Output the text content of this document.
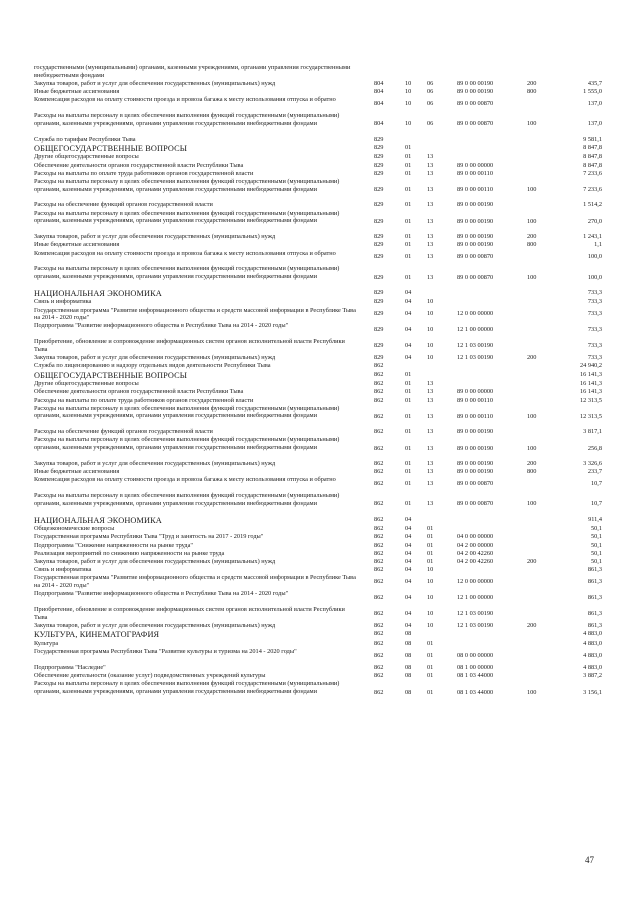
государственными (муниципальными) органами, казенными учреждениями, органами управления государственными внебюджетными фондами
Закупка товаров, работ и услуг для обеспечения государственных (муниципальных) нужд	804	10 06	89 0 00 00190	200	435,7
Иные бюджетные ассигнования	804	10 06	89 0 00 00190	800	1 555,0
Компенсация расходов на оплату стоимости проезда и провоза багажа к месту использования отпуска и обратно
804	10 06	89 0 00 00870	137,0
Расходы на выплаты персоналу в целях обеспечения выполнения функций государственными (муниципальными) органами, казенными учреждениями, органами управления государственными внебюджетными фондами	804	10 06	89 0 00 00870	100	137,0
Служба по тарифам Республики Тыва	829	9 581,1
ОБЩЕГОСУДАРСТВЕННЫЕ ВОПРОСЫ	829	01	8 847,8
Другие общегосударственные вопросы	829	01 13	8 847,8
Обеспечение деятельности органов государственной власти Республики Тыва	829	01 13	89 0 00 00000	8 847,8
Расходы на выплаты по оплате труда работников органов государственной власти	829	01 13	89 0 00 00110	7 233,6
Расходы на выплаты персоналу в целях обеспечения выполнения функций государственными (муниципальными) органами, казенными учреждениями, органами управления государственными внебюджетными фондами	829	01 13	89 0 00 00110	100	7 233,6
Расходы на обеспечение функций органов государственной власти	829	01 13	89 0 00 00190	1 514,2
Расходы на выплаты персоналу в целях обеспечения выполнения функций государственными (муниципальными) органами, казенными учреждениями, органами управления государственными внебюджетными фондами	829	01 13	89 0 00 00190	100	270,0
Закупка товаров, работ и услуг для обеспечения государственных (муниципальных) нужд	829	01 13	89 0 00 00190	200	1 243,1
Иные бюджетные ассигнования	829	01 13	89 0 00 00190	800	1,1
Компенсация расходов на оплату стоимости проезда и провоза багажа к месту использования отпуска и обратно
829	01 13	89 0 00 00870	100,0
Расходы на выплаты персоналу в целях обеспечения выполнения функций государственными (муниципальными) органами, казенными учреждениями, органами управления государственными внебюджетными фондами	829	01 13	89 0 00 00870	100	100,0
НАЦИОНАЛЬНАЯ ЭКОНОМИКА	829	04	733,3
Связь и информатика	829	04 10	733,3
Государственная программа "Развитие информационного общества и средств массовой информации в Республике Тыва на 2014 - 2020 годы"
829	04 10	12 0 00 00000	733,3
Подпрограмма "Развитие информационного общества в Республике Тыва на 2014 - 2020 годы"
829	04 10	12 1 00 00000	733,3
Приобретение, обновление и сопровождение информационных систем органов исполнительной власти Республики Тыва
829	04 10	12 1 03 00190	733,3
Закупка товаров, работ и услуг для обеспечения государственных (муниципальных) нужд	829	04 10	12 1 03 00190	200	733,3
Служба по лицензированию и надзору отдельных видов деятельности Республики Тыва	862	24 940,2
ОБЩЕГОСУДАРСТВЕННЫЕ ВОПРОСЫ	862	01	16 141,3
Другие общегосударственные вопросы	862	01 13	16 141,3
Обеспечение деятельности органов государственной власти Республики Тыва	862	01 13	89 0 00 00000	16 141,3
Расходы на выплаты по оплате труда работников органов государственной власти	862	01 13	89 0 00 00110	12 313,5
Расходы на выплаты персоналу в целях обеспечения выполнения функций государственными (муниципальными) органами, казенными учреждениями, органами управления государственными внебюджетными фондами	862	01 13	89 0 00 00110	100	12 313,5
Расходы на обеспечение функций органов государственной власти	862	01 13	89 0 00 00190	3 817,1
Расходы на выплаты персоналу в целях обеспечения выполнения функций государственными (муниципальными) органами, казенными учреждениями, органами управления государственными внебюджетными фондами	862	01 13	89 0 00 00190	100	256,8
Закупка товаров, работ и услуг для обеспечения государственных (муниципальных) нужд	862	01 13	89 0 00 00190	200	3 326,6
Иные бюджетные ассигнования	862	01 13	89 0 00 00190	800	233,7
Компенсация расходов на оплату стоимости проезда и провоза багажа к месту использования отпуска и обратно
862	01 13	89 0 00 00870	10,7
Расходы на выплаты персоналу в целях обеспечения выполнения функций государственными (муниципальными) органами, казенными учреждениями, органами управления государственными внебюджетными фондами	862	01 13	89 0 00 00870	100	10,7
НАЦИОНАЛЬНАЯ ЭКОНОМИКА	862	04	911,4
Общеэкономические вопросы	862	04 01	50,1
Государственная программа Республики Тыва "Труд и занятость на 2017 - 2019 годы"	862	04 01	04 0 00 00000	50,1
Подпрограмма "Снижение напряженности на рынке труда"	862	04 01	04 2 00 00000	50,1
Реализация мероприятий по снижению напряженности на рынке труда	862	04 01	04 2 00 42260	50,1
Закупка товаров, работ и услуг для обеспечения государственных (муниципальных) нужд	862	04 01	04 2 00 42260	200	50,1
Связь и информатика	862	04 10	861,3
Государственная программа "Развитие информационного общества и средств массовой информации в Республике Тыва на 2014 - 2020 годы"
862	04 10	12 0 00 00000	861,3
Подпрограмма "Развитие информационного общества в Республике Тыва на 2014 - 2020 годы"
862	04 10	12 1 00 00000	861,3
Приобретение, обновление и сопровождение информационных систем органов исполнительной власти Республики Тыва
862	04 10	12 1 03 00190	861,3
Закупка товаров, работ и услуг для обеспечения государственных (муниципальных) нужд	862	04 10	12 1 03 00190	200	861,3
КУЛЬТУРА, КИНЕМАТОГРАФИЯ	862	08	4 883,0
Культура	862	08 01	4 883,0
Государственная программа Республики Тыва "Развитие культуры и туризма на 2014 - 2020 годы"
862	08 01	08 0 00 00000	4 883,0
Подпрограмма "Наследие"	862	08 01	08 1 00 00000	4 883,0
Обеспечение деятельности (оказание услуг) подведомственных учреждений культуры	862	08 01	08 1 03 44000	3 887,2
Расходы на выплаты персоналу в целях обеспечения выполнения функций государственными (муниципальными) органами, казенными учреждениями, органами управления государственными внебюджетными фондами	862	08 01	08 1 03 44000	100	3 156,1
47
